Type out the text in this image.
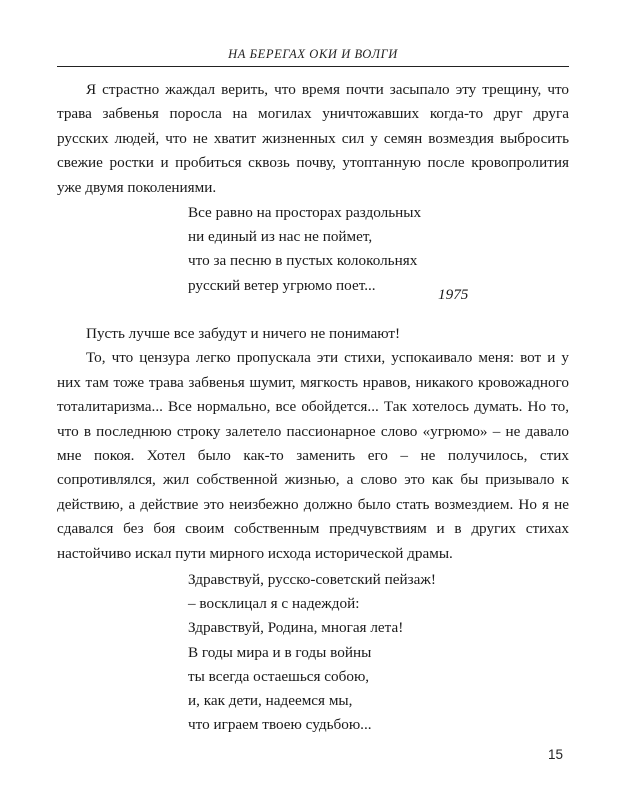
НА БЕРЕГАХ ОКИ И ВОЛГИ

Я страстно жаждал верить, что время почти засыпало эту трещину, что трава забвенья поросла на могилах уничтожавших когда-то друг друга русских людей, что не хватит жизненных сил у семян возмездия выбросить свежие ростки и пробиться сквозь почву, утоптанную после кровопролития уже двумя поколениями.

Все равно на просторах раздольных
ни единый из нас не поймет,
что за песню в пустых колокольнях
русский ветер угрюмо поет...
1975

Пусть лучше все забудут и ничего не понимают!

То, что цензура легко пропускала эти стихи, успокаивало меня: вот и у них там тоже трава забвенья шумит, мягкость нравов, никакого кровожадного тоталитаризма... Все нормально, все обойдется... Так хотелось думать. Но то, что в последнюю строку залетело пассионарное слово «угрюмо» – не давало мне покоя. Хотел было как-то заменить его – не получилось, стих сопротивлялся, жил собственной жизнью, а слово это как бы призывало к действию, а действие это неизбежно должно было стать возмездием. Но я не сдавался без боя своим собственным предчувствиям и в других стихах настойчиво искал пути мирного исхода исторической драмы.

Здравствуй, русско-советский пейзаж!
– восклицал я с надеждой:
Здравствуй, Родина, многая лета!
В годы мира и в годы войны
ты всегда остаешься собою,
и, как дети, надеемся мы,
что играем твоею судьбою...
15
